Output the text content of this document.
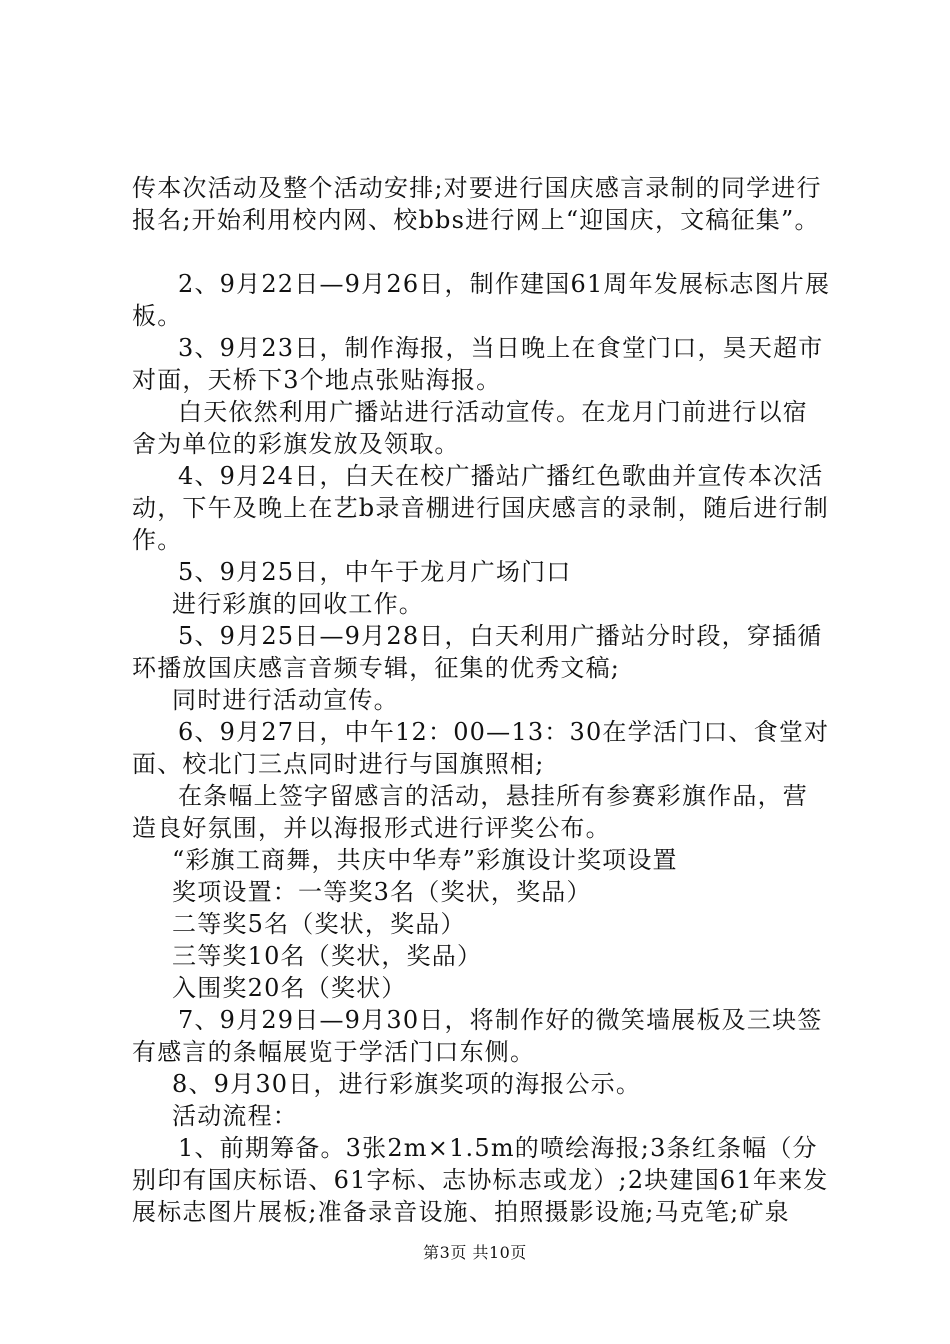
传本次活动及整个活动安排;对要进行国庆感言录制的同学进行报名;开始利用校内网、校bbs进行网上“迎国庆，文稿征集”。

2、9月22日—9月26日，制作建国61周年发展标志图片展板。

3、9月23日，制作海报，当日晚上在食堂门口，昊天超市对面，天桥下3个地点张贴海报。

白天依然利用广播站进行活动宣传。在龙月门前进行以宿舍为单位的彩旗发放及领取。

4、9月24日，白天在校广播站广播红色歌曲并宣传本次活动，下午及晚上在艺b录音棚进行国庆感言的录制，随后进行制作。

5、9月25日，中午于龙月广场门口

进行彩旗的回收工作。

5、9月25日—9月28日，白天利用广播站分时段，穿插循环播放国庆感言音频专辑，征集的优秀文稿;

同时进行活动宣传。

6、9月27日，中午12：00—13：30在学活门口、食堂对面、校北门三点同时进行与国旗照相;

在条幅上签字留感言的活动，悬挂所有参赛彩旗作品，营造良好氛围，并以海报形式进行评奖公布。

“彩旗工商舞，共庆中华寿”彩旗设计奖项设置

奖项设置：一等奖3名（奖状，奖品）

二等奖5名（奖状，奖品）

三等奖10名（奖状，奖品）

入围奖20名（奖状）

7、9月29日—9月30日，将制作好的微笑墙展板及三块签有感言的条幅展览于学活门口东侧。

8、9月30日，进行彩旗奖项的海报公示。

活动流程：

1、前期筹备。3张2m×1.5m的喷绘海报;3条红条幅（分别印有国庆标语、61字标、志协标志或龙）;2块建国61年来发展标志图片展板;准备录音设施、拍照摄影设施;马克笔;矿泉

第3页 共10页
